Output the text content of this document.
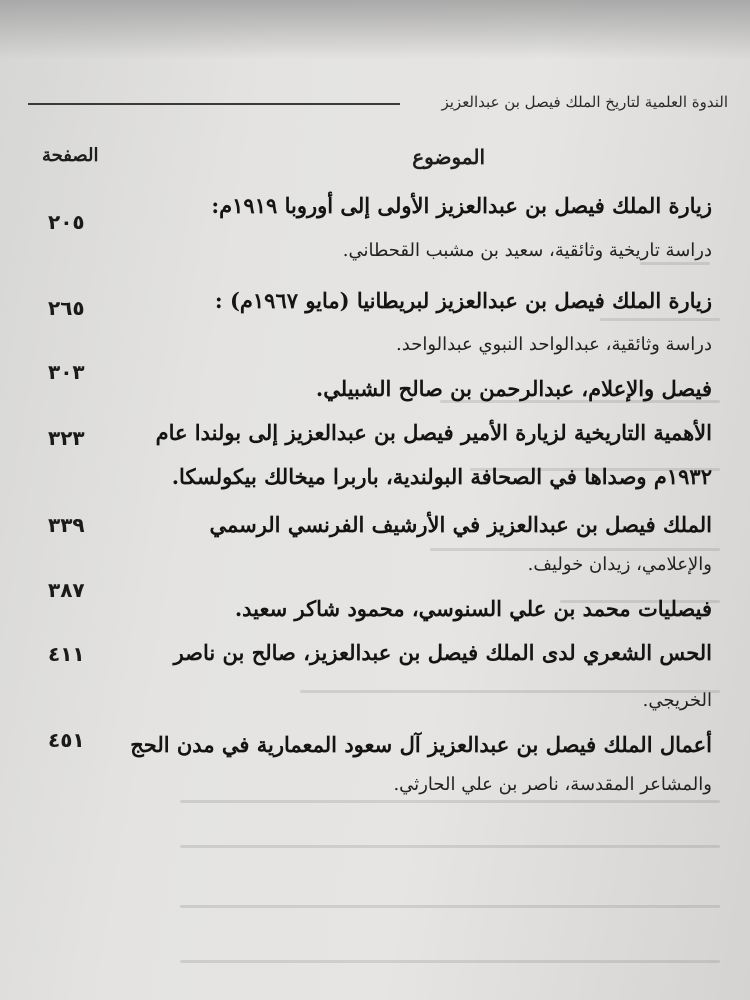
الندوة العلمية لتاريخ الملك فيصل بن عبدالعزيز
الموضوع
الصفحة
زيارة الملك فيصل بن عبدالعزيز الأولى إلى أوروبا ١٩١٩م:
دراسة تاريخية وثائقية، سعيد بن مشبب القحطاني.
٢٠٥
زيارة الملك فيصل بن عبدالعزيز لبريطانيا (مايو ١٩٦٧م) :
دراسة وثائقية، عبدالواحد النبوي عبدالواحد.
٢٦٥
فيصل والإعلام، عبدالرحمن بن صالح الشبيلي.
٣٠٣
الأهمية التاريخية لزيارة الأمير فيصل بن عبدالعزيز إلى بولندا عام
١٩٣٢م وصداها في الصحافة البولندية، باربرا ميخالك بيكولسكا.
٣٢٣
الملك فيصل بن عبدالعزيز في الأرشيف الفرنسي الرسمي
والإعلامي، زيدان خوليف.
٣٣٩
فيصليات محمد بن علي السنوسي، محمود شاكر سعيد.
٣٨٧
الحس الشعري لدى الملك فيصل بن عبدالعزيز، صالح بن ناصر
الخريجي.
٤١١
أعمال الملك فيصل بن عبدالعزيز آل سعود المعمارية في مدن الحج
والمشاعر المقدسة، ناصر بن علي الحارثي.
٤٥١
